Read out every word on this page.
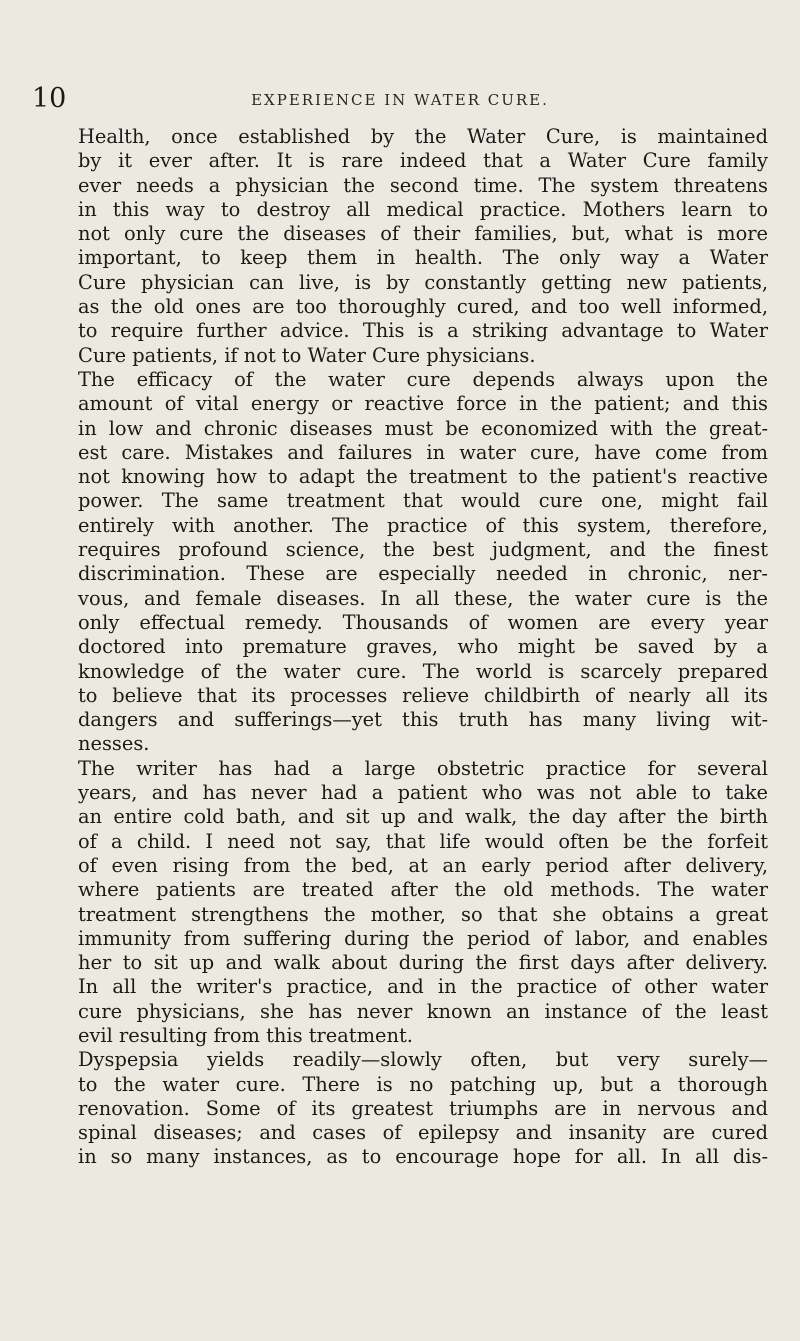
10	EXPERIENCE IN WATER CURE.
Health, once established by the Water Cure, is maintained
by it ever after. It is rare indeed that a Water Cure family
ever needs a physician the second time. The system threatens
in this way to destroy all medical practice. Mothers learn to
not only cure the diseases of their families, but, what is more
important, to keep them in health. The only way a Water
Cure physician can live, is by constantly getting new patients,
as the old ones are too thoroughly cured, and too well informed,
to require further advice. This is a striking advantage to Water
Cure patients, if not to Water Cure physicians.
The efficacy of the water cure depends always upon the
amount of vital energy or reactive force in the patient; and this
in low and chronic diseases must be economized with the great-
est care. Mistakes and failures in water cure, have come from
not knowing how to adapt the treatment to the patient's reactive
power. The same treatment that would cure one, might fail
entirely with another. The practice of this system, therefore,
requires profound science, the best judgment, and the finest
discrimination. These are especially needed in chronic, ner-
vous, and female diseases. In all these, the water cure is the
only effectual remedy. Thousands of women are every year
doctored into premature graves, who might be saved by a
knowledge of the water cure. The world is scarcely prepared
to believe that its processes relieve childbirth of nearly all its
dangers and sufferings—yet this truth has many living wit-
nesses.
The writer has had a large obstetric practice for several
years, and has never had a patient who was not able to take
an entire cold bath, and sit up and walk, the day after the birth
of a child. I need not say, that life would often be the forfeit
of even rising from the bed, at an early period after delivery,
where patients are treated after the old methods. The water
treatment strengthens the mother, so that she obtains a great
immunity from suffering during the period of labor, and enables
her to sit up and walk about during the first days after delivery.
In all the writer's practice, and in the practice of other water
cure physicians, she has never known an instance of the least
evil resulting from this treatment.
Dyspepsia yields readily—slowly often, but very surely—
to the water cure. There is no patching up, but a thorough
renovation. Some of its greatest triumphs are in nervous and
spinal diseases; and cases of epilepsy and insanity are cured
in so many instances, as to encourage hope for all. In all dis-
